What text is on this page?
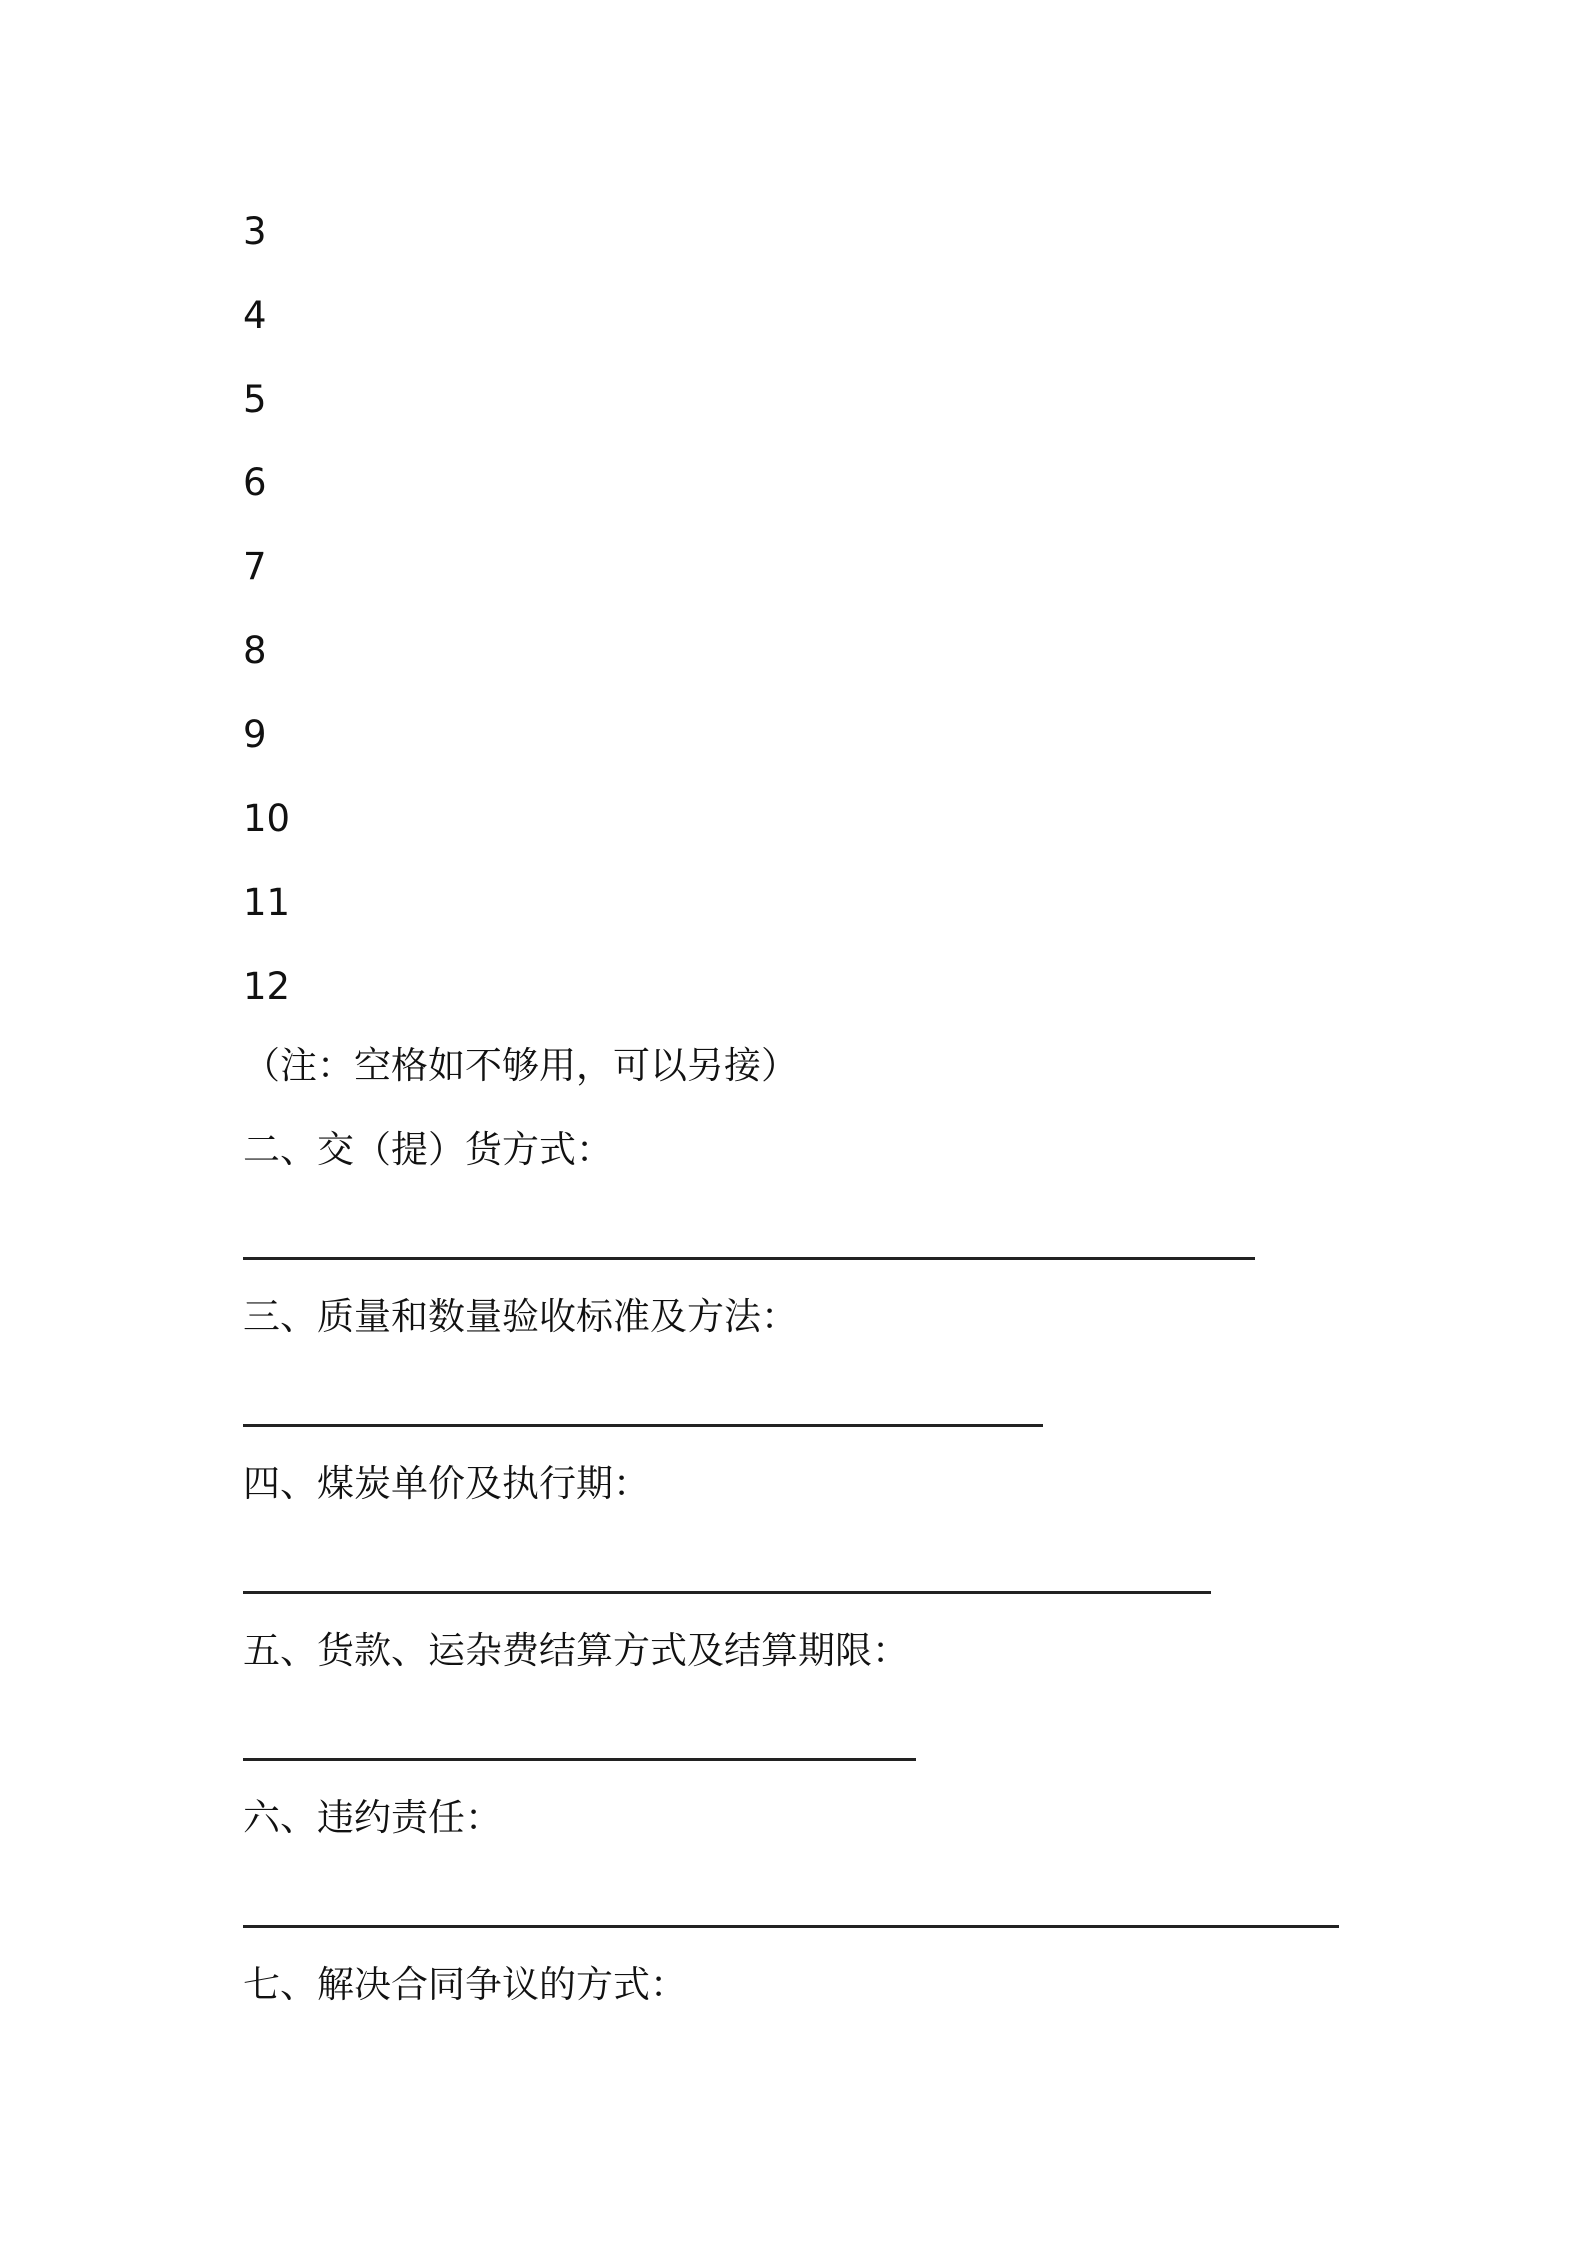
3
4
5
6
7
8
9
10
11
12
（注：空格如不够用，可以另接）
二、交（提）货方式：
三、质量和数量验收标准及方法：
四、煤炭单价及执行期：
五、货款、运杂费结算方式及结算期限：
六、违约责任：
七、解决合同争议的方式：
